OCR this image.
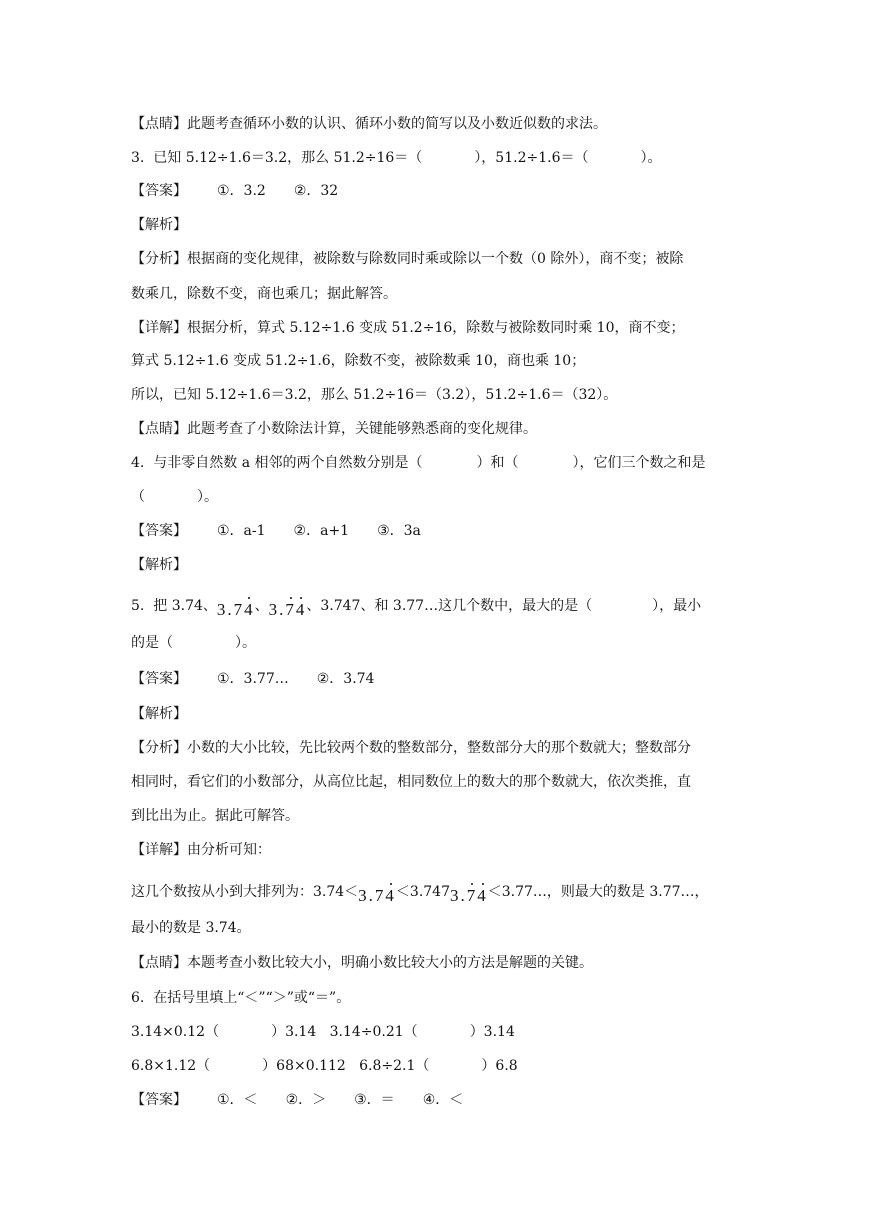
【点睛】此题考查循环小数的认识、循环小数的简写以及小数近似数的求法。
3.  已知 5.12÷1.6＝3.2，那么 51.2÷16＝（	），51.2÷1.6＝（	）。
【答案】 ①．3.2 ②．32
【解析】
【分析】根据商的变化规律，被除数与除数同时乘或除以一个数（0 除外），商不变；被除
数乘几，除数不变，商也乘几；据此解答。
【详解】根据分析，算式 5.12÷1.6 变成 51.2÷16，除数与被除数同时乘 10，商不变；
算式 5.12÷1.6 变成 51.2÷1.6，除数不变，被除数乘 10，商也乘 10；
所以，已知 5.12÷1.6＝3.2，那么 51.2÷16＝（3.2），51.2÷1.6＝（32）。
【点睛】此题考查了小数除法计算，关键能够熟悉商的变化规律。
4.  与非零自然数 a 相邻的两个自然数分别是（	）和（	），它们三个数之和是
（	）。
【答案】 ①．a-1 ②．a+1 ③．3a
【解析】
5.  把 3.74、3.74、3.74、3.747、和 3.77…这几个数中，最大的是（	），最小
的是（	）。
【答案】 ①．3.77… ②．3.74
【解析】
【分析】小数的大小比较，先比较两个数的整数部分，整数部分大的那个数就大；整数部分
相同时，看它们的小数部分，从高位比起，相同数位上的数大的那个数就大，依次类推，直
到比出为止。据此可解答。
【详解】由分析可知：
这几个数按从小到大排列为：3.74＜3.74＜3.7473.74＜3.77…，则最大的数是 3.77…，
最小的数是 3.74。
【点睛】本题考查小数比较大小，明确小数比较大小的方法是解题的关键。
6.  在括号里填上“＜”“＞”或“＝”。
3.14×0.12（	）3.14   3.14÷0.21（	）3.14
6.8×1.12（	）68×0.112   6.8÷2.1（	）6.8
【答案】 ①．＜ ②．＞ ③．＝ ④．＜
